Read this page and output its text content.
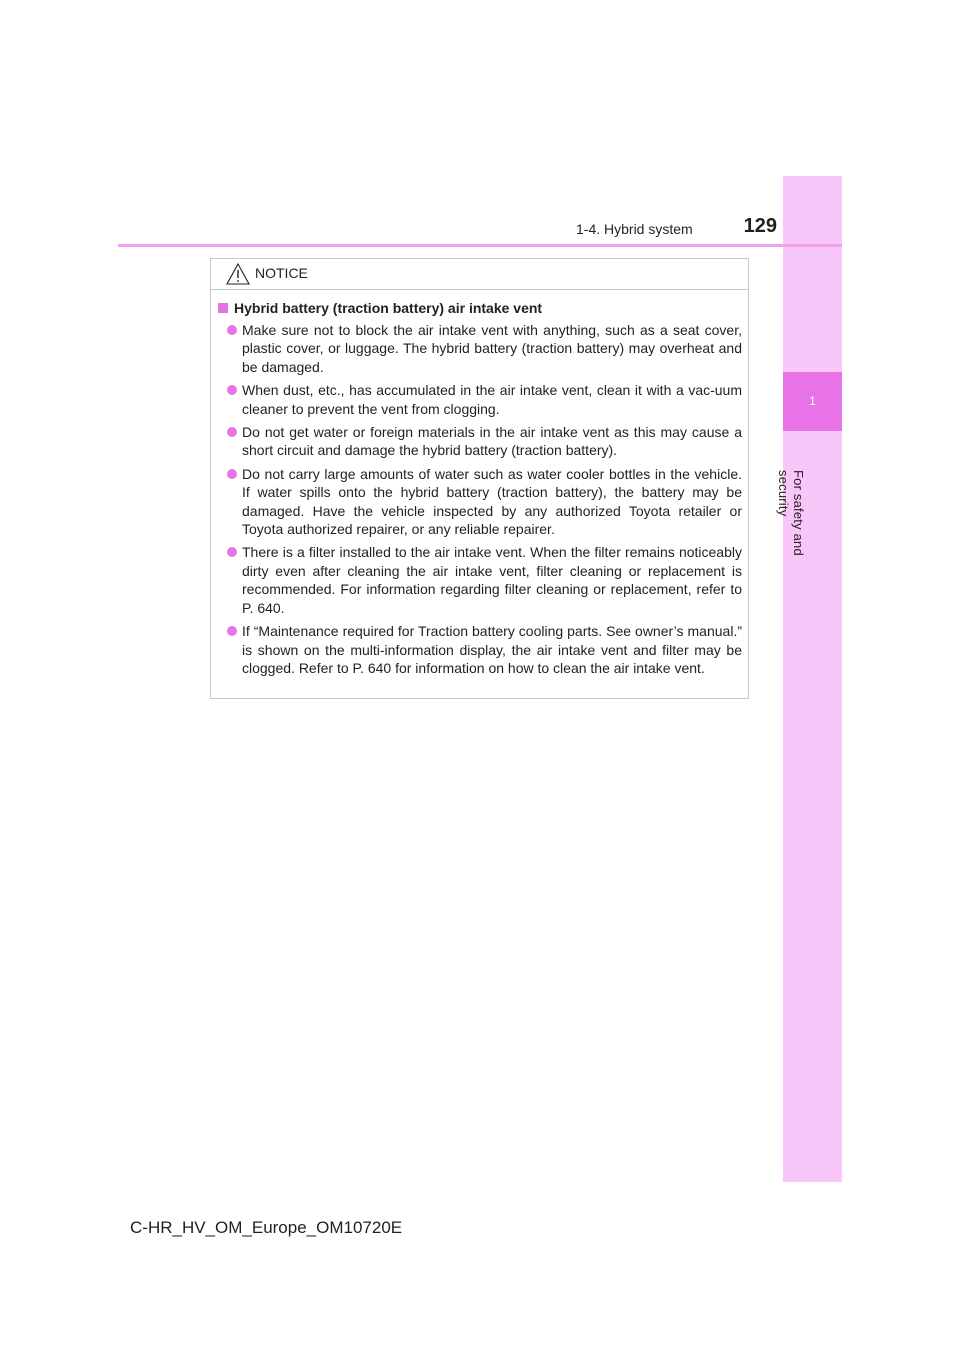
1
For safety and security
1-4. Hybrid system	129
NOTICE
Hybrid battery (traction battery) air intake vent
Make sure not to block the air intake vent with anything, such as a seat cover, plastic cover, or luggage. The hybrid battery (traction battery) may overheat and be damaged.
When dust, etc., has accumulated in the air intake vent, clean it with a vac-uum cleaner to prevent the vent from clogging.
Do not get water or foreign materials in the air intake vent as this may cause a short circuit and damage the hybrid battery (traction battery).
Do not carry large amounts of water such as water cooler bottles in the vehicle. If water spills onto the hybrid battery (traction battery), the battery may be damaged. Have the vehicle inspected by any authorized Toyota retailer or Toyota authorized repairer, or any reliable repairer.
There is a filter installed to the air intake vent. When the filter remains noticeably dirty even after cleaning the air intake vent, filter cleaning or replacement is recommended. For information regarding filter cleaning or replacement, refer to P. 640.
If “Maintenance required for Traction battery cooling parts. See owner’s manual.” is shown on the multi-information display, the air intake vent and filter may be clogged. Refer to P. 640 for information on how to clean the air intake vent.
C-HR_HV_OM_Europe_OM10720E
